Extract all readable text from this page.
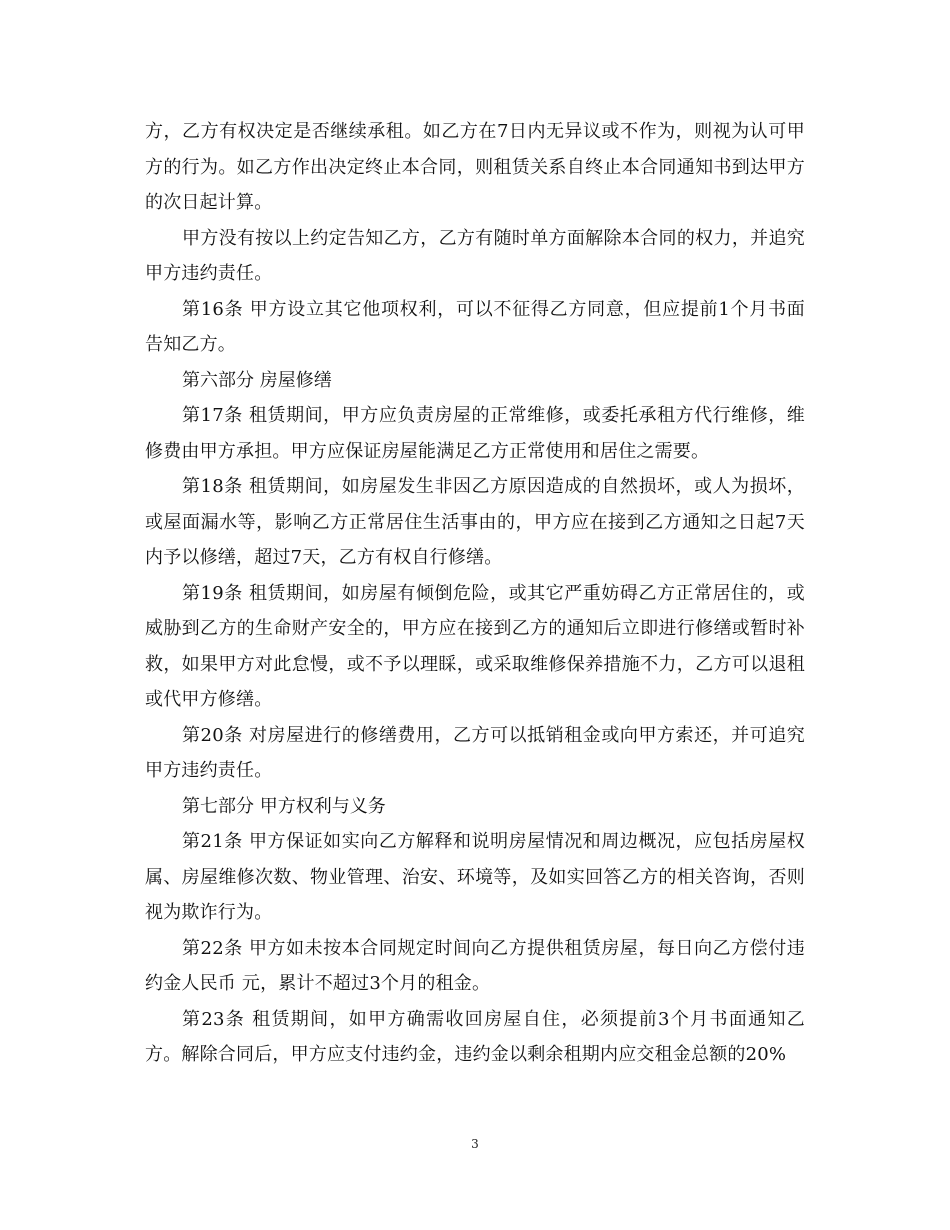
方，乙方有权决定是否继续承租。如乙方在7日内无异议或不作为，则视为认可甲方的行为。如乙方作出决定终止本合同，则租赁关系自终止本合同通知书到达甲方的次日起计算。

甲方没有按以上约定告知乙方，乙方有随时单方面解除本合同的权力，并追究甲方违约责任。

第16条 甲方设立其它他项权利，可以不征得乙方同意，但应提前1个月书面告知乙方。

第六部分 房屋修缮

第17条 租赁期间，甲方应负责房屋的正常维修，或委托承租方代行维修，维修费由甲方承担。甲方应保证房屋能满足乙方正常使用和居住之需要。

第18条 租赁期间，如房屋发生非因乙方原因造成的自然损坏，或人为损坏，或屋面漏水等，影响乙方正常居住生活事由的，甲方应在接到乙方通知之日起7天内予以修缮，超过7天，乙方有权自行修缮。

第19条 租赁期间，如房屋有倾倒危险，或其它严重妨碍乙方正常居住的，或威胁到乙方的生命财产安全的，甲方应在接到乙方的通知后立即进行修缮或暂时补救，如果甲方对此怠慢，或不予以理睬，或采取维修保养措施不力，乙方可以退租或代甲方修缮。

第20条 对房屋进行的修缮费用，乙方可以抵销租金或向甲方索还，并可追究甲方违约责任。

第七部分 甲方权利与义务

第21条 甲方保证如实向乙方解释和说明房屋情况和周边概况，应包括房屋权属、房屋维修次数、物业管理、治安、环境等，及如实回答乙方的相关咨询，否则视为欺诈行为。

第22条 甲方如未按本合同规定时间向乙方提供租赁房屋，每日向乙方偿付违约金人民币 元，累计不超过3个月的租金。

第23条 租赁期间，如甲方确需收回房屋自住，必须提前3个月书面通知乙方。解除合同后，甲方应支付违约金，违约金以剩余租期内应交租金总额的20%

3
